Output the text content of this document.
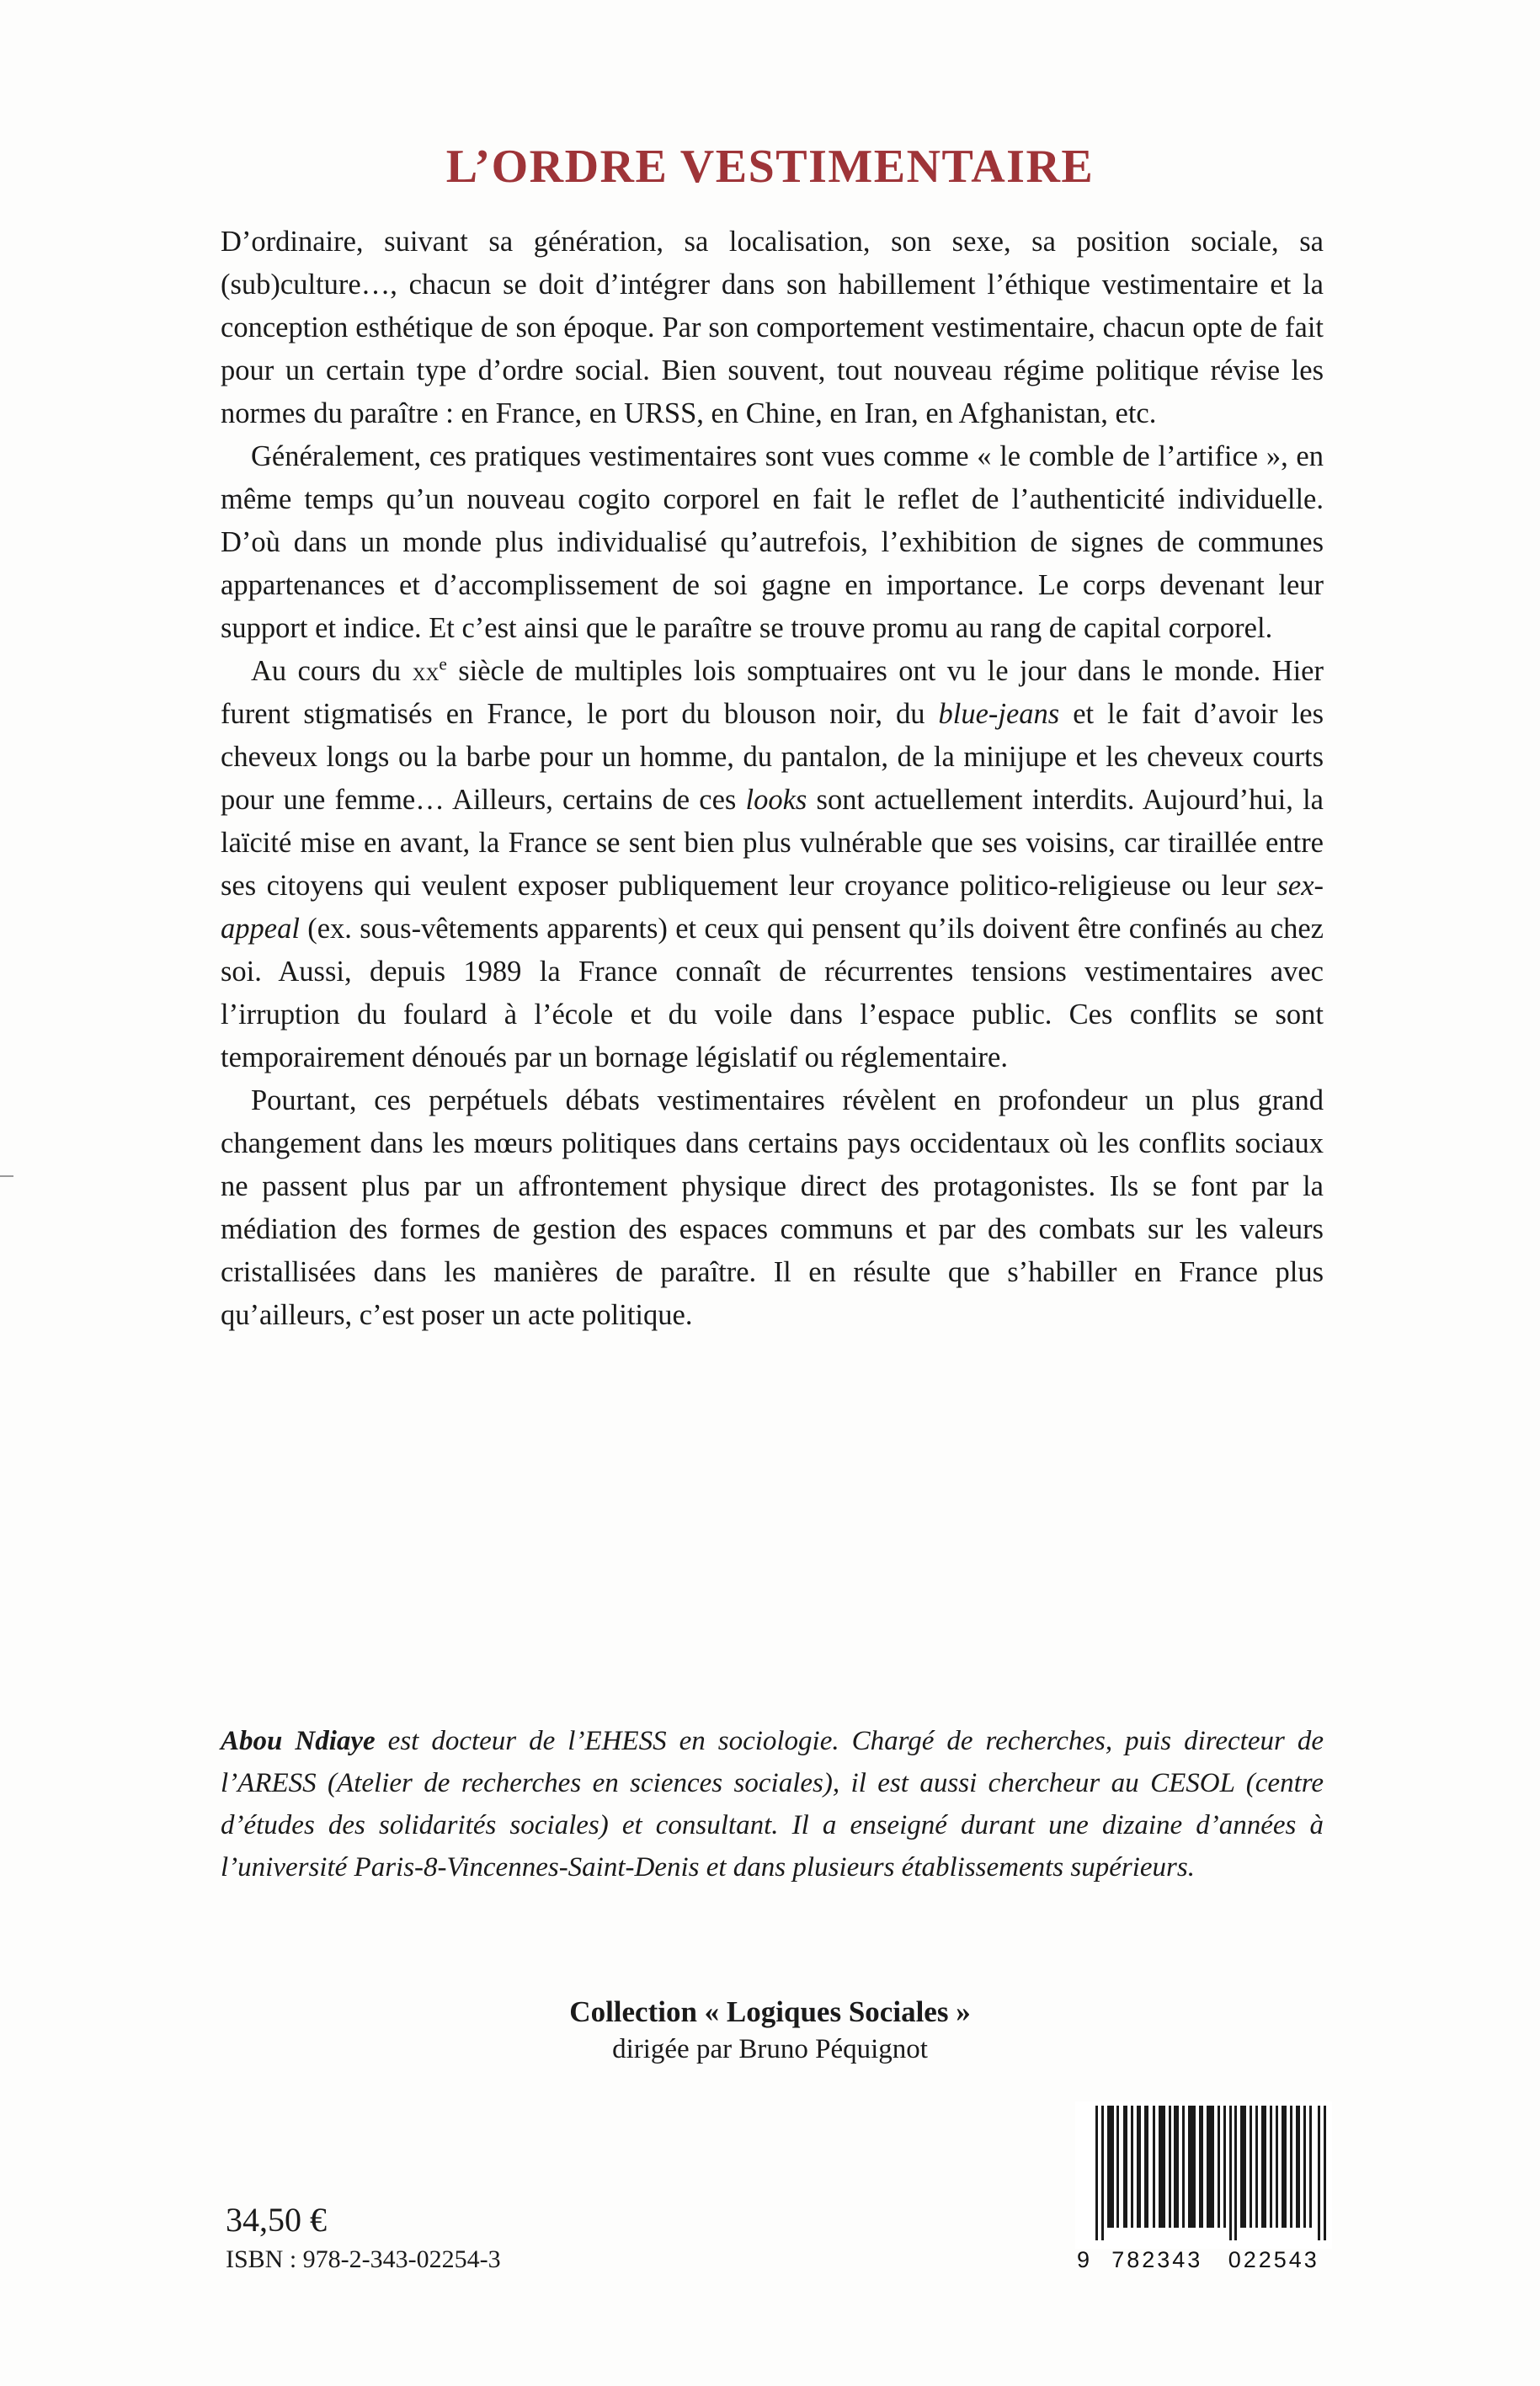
L’ORDRE VESTIMENTAIRE

D’ordinaire, suivant sa génération, sa localisation, son sexe, sa position sociale, sa (sub)culture…, chacun se doit d’intégrer dans son habillement l’éthique vestimentaire et la conception esthétique de son époque. Par son comportement vestimentaire, chacun opte de fait pour un certain type d’ordre social. Bien souvent, tout nouveau régime politique révise les normes du paraître : en France, en URSS, en Chine, en Iran, en Afghanistan, etc.

Généralement, ces pratiques vestimentaires sont vues comme « le comble de l’artifice », en même temps qu’un nouveau cogito corporel en fait le reflet de l’authenticité individuelle. D’où dans un monde plus individualisé qu’autrefois, l’exhibition de signes de communes appartenances et d’accomplissement de soi gagne en importance. Le corps devenant leur support et indice. Et c’est ainsi que le paraître se trouve promu au rang de capital corporel.

Au cours du $xx^e$ siècle de multiples lois somptuaires ont vu le jour dans le monde. Hier furent stigmatisés en France, le port du blouson noir, du blue-jeans et le fait d’avoir les cheveux longs ou la barbe pour un homme, du pantalon, de la minijupe et les cheveux courts pour une femme… Ailleurs, certains de ces looks sont actuellement interdits. Aujourd’hui, la laïcité mise en avant, la France se sent bien plus vulnérable que ses voisins, car tiraillée entre ses citoyens qui veulent exposer publiquement leur croyance politico-religieuse ou leur sex-appeal (ex. sous-vêtements apparents) et ceux qui pensent qu’ils doivent être confinés au chez soi. Aussi, depuis 1989 la France connaît de récurrentes tensions vestimentaires avec l’irruption du foulard à l’école et du voile dans l’espace public. Ces conflits se sont temporairement dénoués par un bornage législatif ou réglementaire.

Pourtant, ces perpétuels débats vestimentaires révèlent en profondeur un plus grand changement dans les mœurs politiques dans certains pays occidentaux où les conflits sociaux ne passent plus par un affrontement physique direct des protagonistes. Ils se font par la médiation des formes de gestion des espaces communs et par des combats sur les valeurs cristallisées dans les manières de paraître. Il en résulte que s’habiller en France plus qu’ailleurs, c’est poser un acte politique.

Abou Ndiaye est docteur de l’EHESS en sociologie. Chargé de recherches, puis directeur de l’ARESS (Atelier de recherches en sciences sociales), il est aussi chercheur au CESOL (centre d’études des solidarités sociales) et consultant. Il a enseigné durant une dizaine d’années à l’université Paris-8-Vincennes-Saint-Denis et dans plusieurs établissements supérieurs.
Collection « Logiques Sociales »
dirigée par Bruno Péquignot
34,50 €
ISBN : 978-2-343-02254-3	9 782343	022543
